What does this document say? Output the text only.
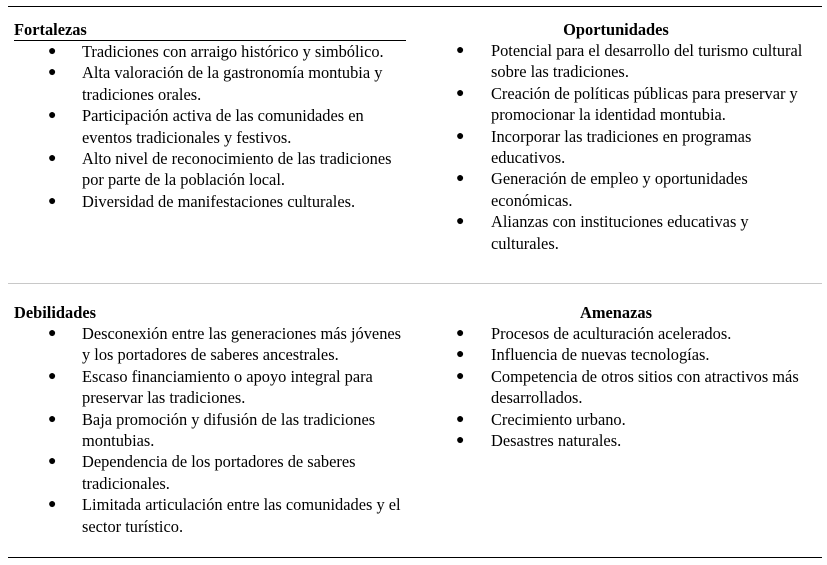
Fortalezas
● Tradiciones con arraigo histórico y simbólico.
● Alta valoración de la gastronomía montubia y tradiciones orales.
● Participación activa de las comunidades en eventos tradicionales y festivos.
● Alto nivel de reconocimiento de las tradiciones por parte de la población local.
● Diversidad de manifestaciones culturales.
Oportunidades
● Potencial para el desarrollo del turismo cultural sobre las tradiciones.
● Creación de políticas públicas para preservar y promocionar la identidad montubia.
● Incorporar las tradiciones en programas educativos.
● Generación de empleo y oportunidades económicas.
● Alianzas con instituciones educativas y culturales.
Debilidades
● Desconexión entre las generaciones más jóvenes y los portadores de saberes ancestrales.
● Escaso financiamiento o apoyo integral para preservar las tradiciones.
● Baja promoción y difusión de las tradiciones montubias.
● Dependencia de los portadores de saberes tradicionales.
● Limitada articulación entre las comunidades y el sector turístico.
Amenazas
● Procesos de aculturación acelerados.
● Influencia de nuevas tecnologías.
● Competencia de otros sitios con atractivos más desarrollados.
● Crecimiento urbano.
● Desastres naturales.
